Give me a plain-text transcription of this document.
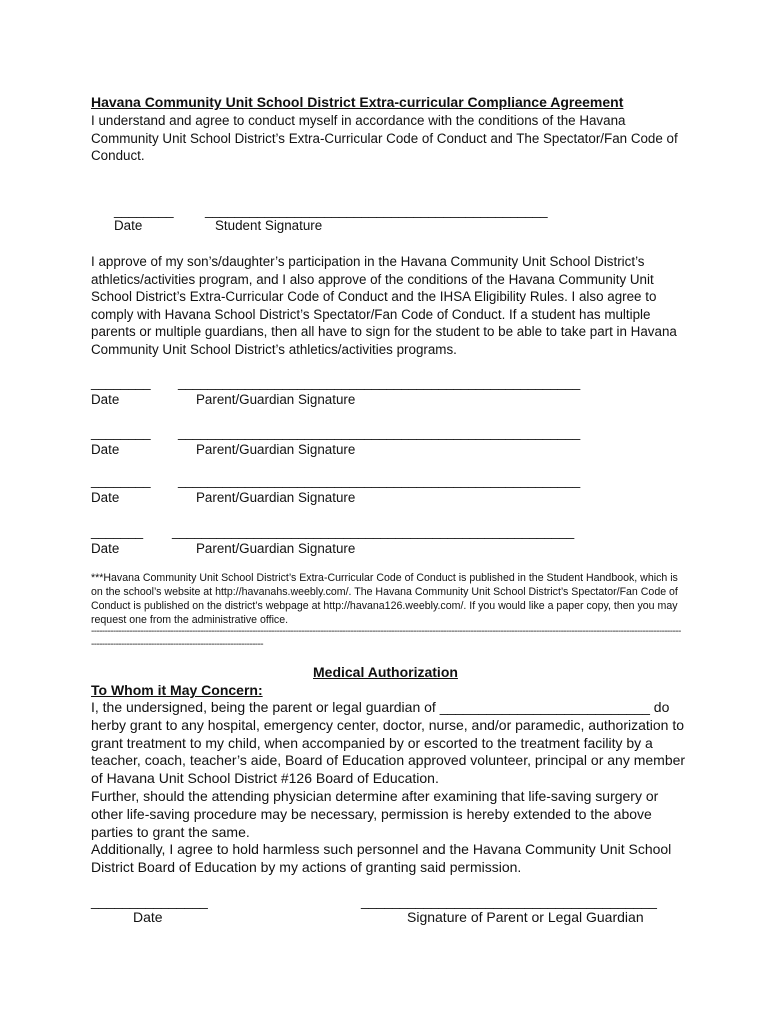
Havana Community Unit School District Extra-curricular Compliance Agreement
I understand and agree to conduct myself in accordance with the conditions of the Havana Community Unit School District’s Extra-Curricular Code of Conduct and The Spectator/Fan Code of Conduct.
________ ______________________________________________
Date	Student Signature
I approve of my son’s/daughter’s participation in the Havana Community Unit School District’s athletics/activities program, and I also approve of the conditions of the Havana Community Unit School District’s Extra-Curricular Code of Conduct and the IHSA Eligibility Rules. I also agree to comply with Havana School District’s Spectator/Fan Code of Conduct. If a student has multiple parents or multiple guardians, then all have to sign for the student to be able to take part in Havana Community Unit School District’s athletics/activities programs.
________ ______________________________________________________
Date	Parent/Guardian Signature
________ ______________________________________________________
Date	Parent/Guardian Signature
________ ______________________________________________________
Date	Parent/Guardian Signature
_______ ______________________________________________________
Date	Parent/Guardian Signature
***Havana Community Unit School District’s Extra-Curricular Code of Conduct is published in the Student Handbook, which is on the school’s website at http://havanahs.weebly.com/. The Havana Community Unit School District’s Spectator/Fan Code of Conduct is published on the district’s webpage at http://havana126.weebly.com/. If you would like a paper copy, then you may request one from the administrative office.
---------------------------------------------------------------------------------------------------------------------------------------------------------------------------------------------------------------------------------------------------------------------------------------
Medical Authorization
To Whom it May Concern:
I, the undersigned, being the parent or legal guardian of ___________________________ do herby grant to any hospital, emergency center, doctor, nurse, and/or paramedic, authorization to grant treatment to my child, when accompanied by or escorted to the treatment facility by a teacher, coach, teacher’s aide, Board of Education approved volunteer, principal or any member of Havana Unit School District #126 Board of Education.
Further, should the attending physician determine after examining that life-saving surgery or other life-saving procedure may be necessary, permission is hereby extended to the above parties to grant the same.
Additionally, I agree to hold harmless such personnel and the Havana Community Unit School District Board of Education by my actions of granting said permission.
_______________	______________________________________
Date	Signature of Parent or Legal Guardian
